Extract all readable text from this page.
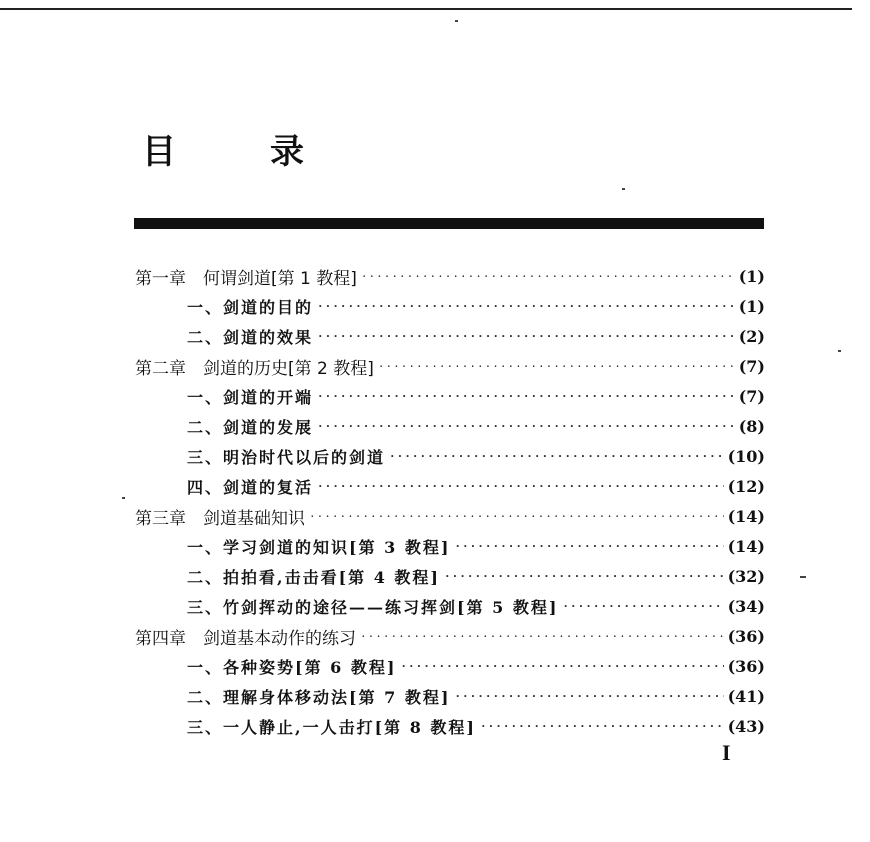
目	录
第一章　何谓剑道[第 1 教程] ·····	(1)
一、剑道的目的 ·····	(1)
二、剑道的效果 ·····	(2)
第二章　剑道的历史[第 2 教程] ·····	(7)
一、剑道的开端 ·····	(7)
二、剑道的发展 ·····	(8)
三、明治时代以后的剑道 ·····	(10)
四、剑道的复活 ·····	(12)
第三章　剑道基础知识 ·····	(14)
一、学习剑道的知识[第 3 教程] ·····	(14)
二、拍拍看,击击看[第 4 教程] ·····	(32)
三、竹剑挥动的途径——练习挥剑[第 5 教程] ·····	(34)
第四章　剑道基本动作的练习 ·····	(36)
一、各种姿势[第 6 教程] ·····	(36)
二、理解身体移动法[第 7 教程] ·····	(41)
三、一人静止,一人击打[第 8 教程] ·····	(43)
I
